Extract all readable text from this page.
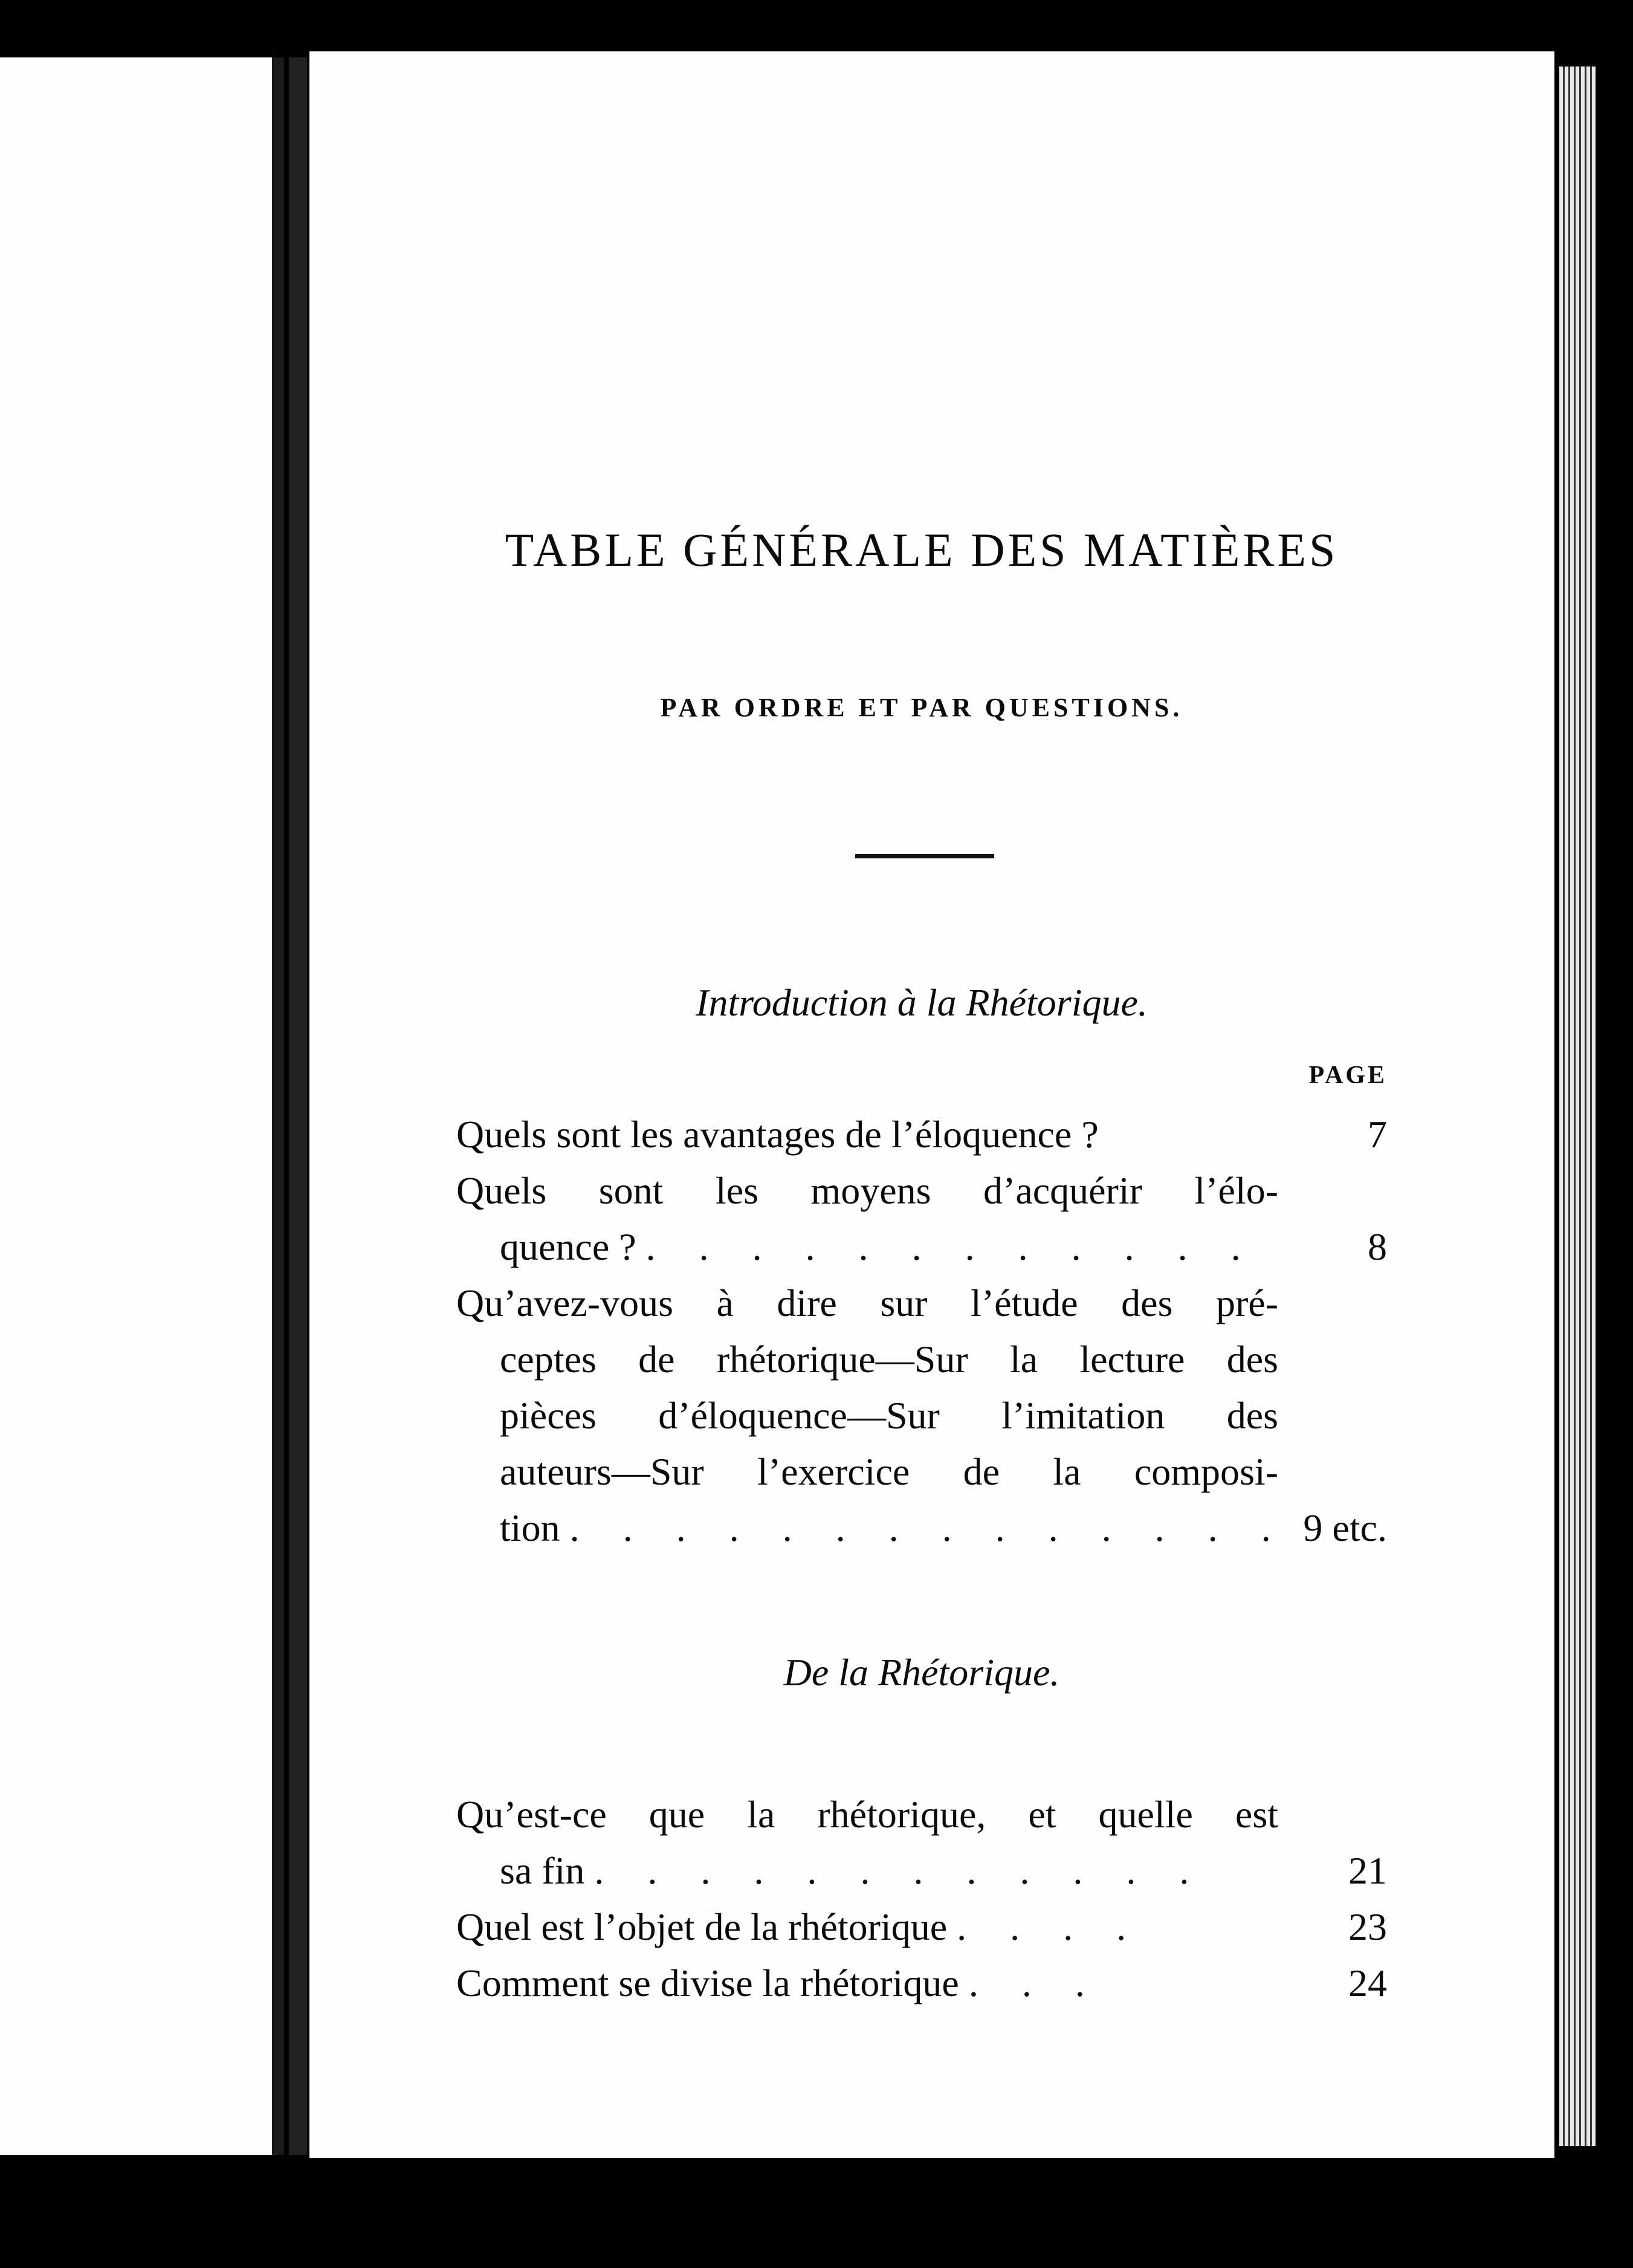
TABLE GÉNÉRALE DES MATIÈRES
PAR ORDRE ET PAR QUESTIONS.
Introduction à la Rhétorique.
PAGE
Quels sont les avantages de l’éloquence ?	7
Quels sont les moyens d’acquérir l’élo-
quence ? . . . . . . . . . . . .	8
Qu’avez-vous à dire sur l’étude des pré-
ceptes de rhétorique—Sur la lecture des
pièces d’éloquence—Sur l’imitation des
auteurs—Sur l’exercice de la composi-
tion . . . . . . . . . . . . . . 9 etc.
De la Rhétorique.
Qu’est-ce que la rhétorique, et quelle est
sa fin . . . . . . . . . . . .	21
Quel est l’objet de la rhétorique . . . .	23
Comment se divise la rhétorique . . .	24
